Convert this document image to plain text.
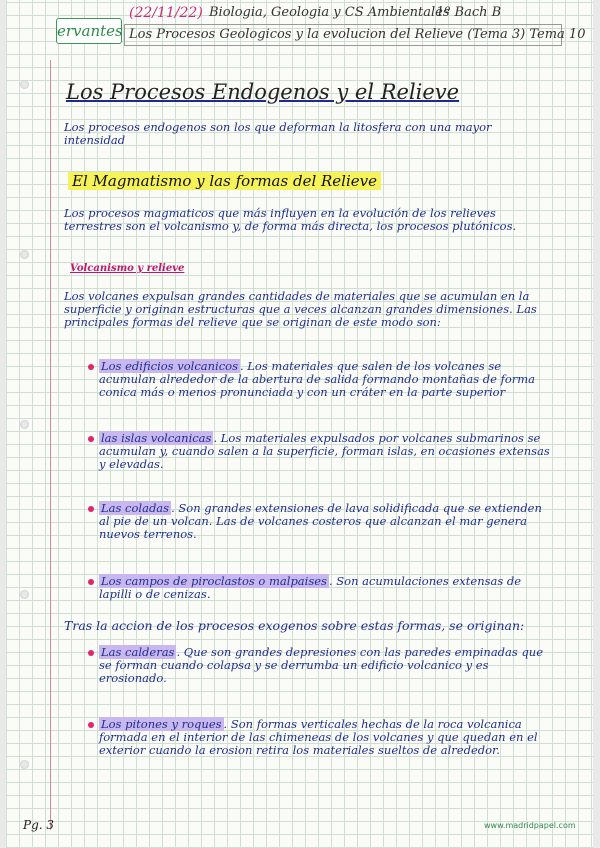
ervantes
(22/11/22) Biologia, Geologia y CS Ambientales
1º Bach B
Los Procesos Geologicos y la evolucion del Relieve (Tema 3) Tema 10
Los Procesos Endogenos y el Relieve
Los procesos endogenos son los que deforman la litosfera con una mayor intensidad
El Magmatismo y las formas del Relieve
Los procesos magmaticos que más influyen en la evolución de los relieves terrestres son el volcanismo y, de forma más directa, los procesos plutónicos.
Volcanismo y relieve
Los volcanes expulsan grandes cantidades de materiales que se acumulan en la superficie y originan estructuras que a veces alcanzan grandes dimensiones. Las principales formas del relieve que se originan de este modo son:
Los edificios volcanicos . Los materiales que salen de los volcanes se acumulan alrededor de la abertura de salida formando montañas de forma conica más o menos pronunciada y con un cráter en la parte superior
las islas volcanicas . Los materiales expulsados por volcanes submarinos se acumulan y, cuando salen a la superficie, forman islas, en ocasiones extensas y elevadas.
Las coladas . Son grandes extensiones de lava solidificada que se extienden al pie de un volcan. Las de volcanes costeros que alcanzan el mar genera nuevos terrenos.
Los campos de piroclastos o malpaises . Son acumulaciones extensas de lapilli o de cenizas.
Tras la accion de los procesos exogenos sobre estas formas, se originan:
Las calderas . Que son grandes depresiones con las paredes empinadas que se forman cuando colapsa y se derrumba un edificio volcanico y es erosionado.
Los pitones y roques . Son formas verticales hechas de la roca volcanica formada en el interior de las chimeneas de los volcanes y que quedan en el exterior cuando la erosion retira los materiales sueltos de alrededor.
Pg. 3	www.madridpapel.com
